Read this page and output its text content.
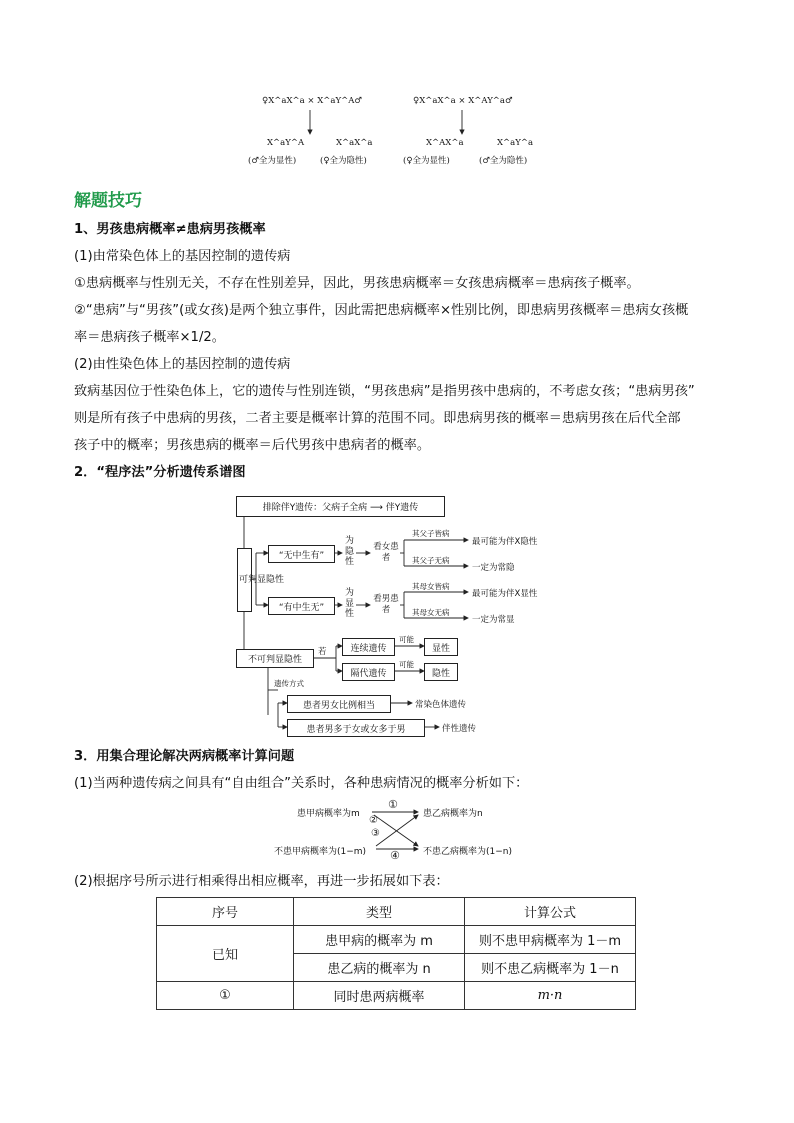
♀X^aX^a × X^aY^A♂	♀X^aX^a × X^AY^a♂
X^aY^A	X^aX^a
(♂全为显性)	(♀全为隐性)
X^AX^a	X^aY^a
(♀全为显性)	(♂全为隐性)
解题技巧
1、男孩患病概率≠患病男孩概率
(1)由常染色体上的基因控制的遗传病
①患病概率与性别无关，不存在性别差异，因此，男孩患病概率＝女孩患病概率＝患病孩子概率。
②“患病”与“男孩”(或女孩)是两个独立事件，因此需把患病概率×性别比例，即患病男孩概率＝患病女孩概
率＝患病孩子概率×1/2。
(2)由性染色体上的基因控制的遗传病
致病基因位于性染色体上，它的遗传与性别连锁，“男孩患病”是指男孩中患病的，不考虑女孩；“患病男孩”
则是所有孩子中患病的男孩，二者主要是概率计算的范围不同。即患病男孩的概率＝患病男孩在后代全部
孩子中的概率；男孩患病的概率＝后代男孩中患病者的概率。
2．“程序法”分析遗传系谱图
排除伴Y遗传：父病子全病 ⟶ 伴Y遗传
可判显隐性
“无中生有”
“有中生无”
为隐性
为显性
看女患者
看男患者
其父子皆病
其父子无病
最可能为伴X隐性
一定为常隐
其母女皆病
其母女无病
最可能为伴X显性
一定为常显
不可判显隐性
若	连续遗传
隔代遗传
可能
可能
显性
隐性
遗传方式
患者男女比例相当
患者男多于女或女多于男
常染色体遗传
伴性遗传
3．用集合理论解决两病概率计算问题
(1)当两种遗传病之间具有“自由组合”关系时，各种患病情况的概率分析如下：
患甲病概率为m
不患甲病概率为(1−m)
患乙病概率为n
不患乙病概率为(1−n)
①
②
③
④
(2)根据序号所示进行相乘得出相应概率，再进一步拓展如下表：
序号	类型	计算公式
已知	患甲病的概率为 m	则不患甲病概率为 1－m
	患乙病的概率为 n	则不患乙病概率为 1－n
①	同时患两病概率	m·n
